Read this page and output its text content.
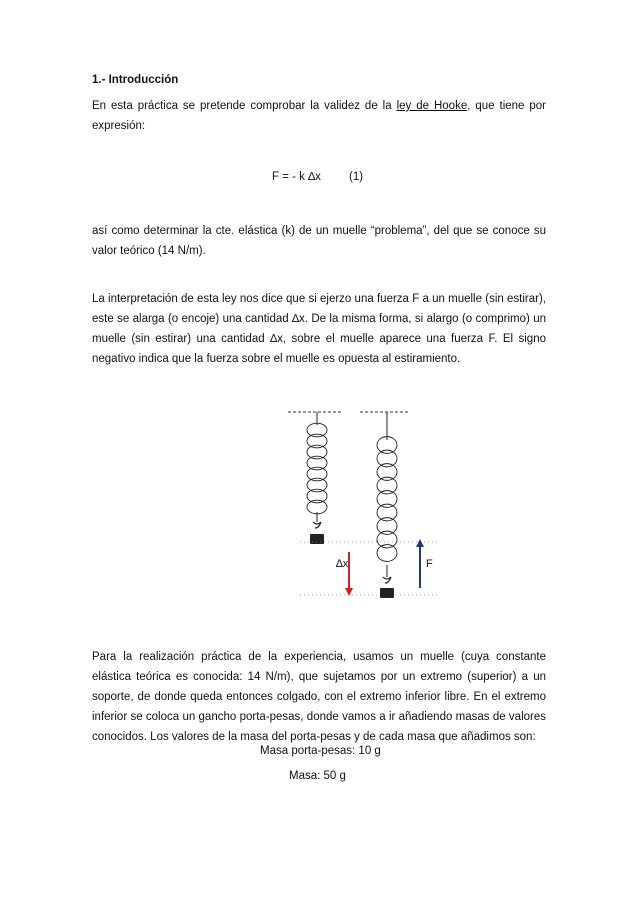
1.- Introducción
En esta práctica se pretende comprobar la validez de la ley de Hooke, que tiene por expresión:
F = - k ∆x (1)
así como determinar la cte. elástica (k) de un muelle “problema”, del que se conoce su valor teórico (14 N/m).
La interpretación de esta ley nos dice que si ejerzo una fuerza F a un muelle (sin estirar), este se alarga (o encoje) una cantidad ∆x. De la misma forma, si alargo (o comprimo) un muelle (sin estirar) una cantidad ∆x, sobre el muelle aparece una fuerza F. El signo negativo indica que la fuerza sobre el muelle es opuesta al estiramiento.
∆x	F
Para la realización práctica de la experiencia, usamos un muelle (cuya constante elástica teórica es conocida: 14 N/m), que sujetamos por un extremo (superior) a un soporte, de donde queda entonces colgado, con el extremo inferior libre. En el extremo inferior se coloca un gancho porta-pesas, donde vamos a ir añadiendo masas de valores conocidos. Los valores de la masa del porta-pesas y de cada masa que añadimos son:
Masa porta-pesas: 10 g
Masa: 50 g
